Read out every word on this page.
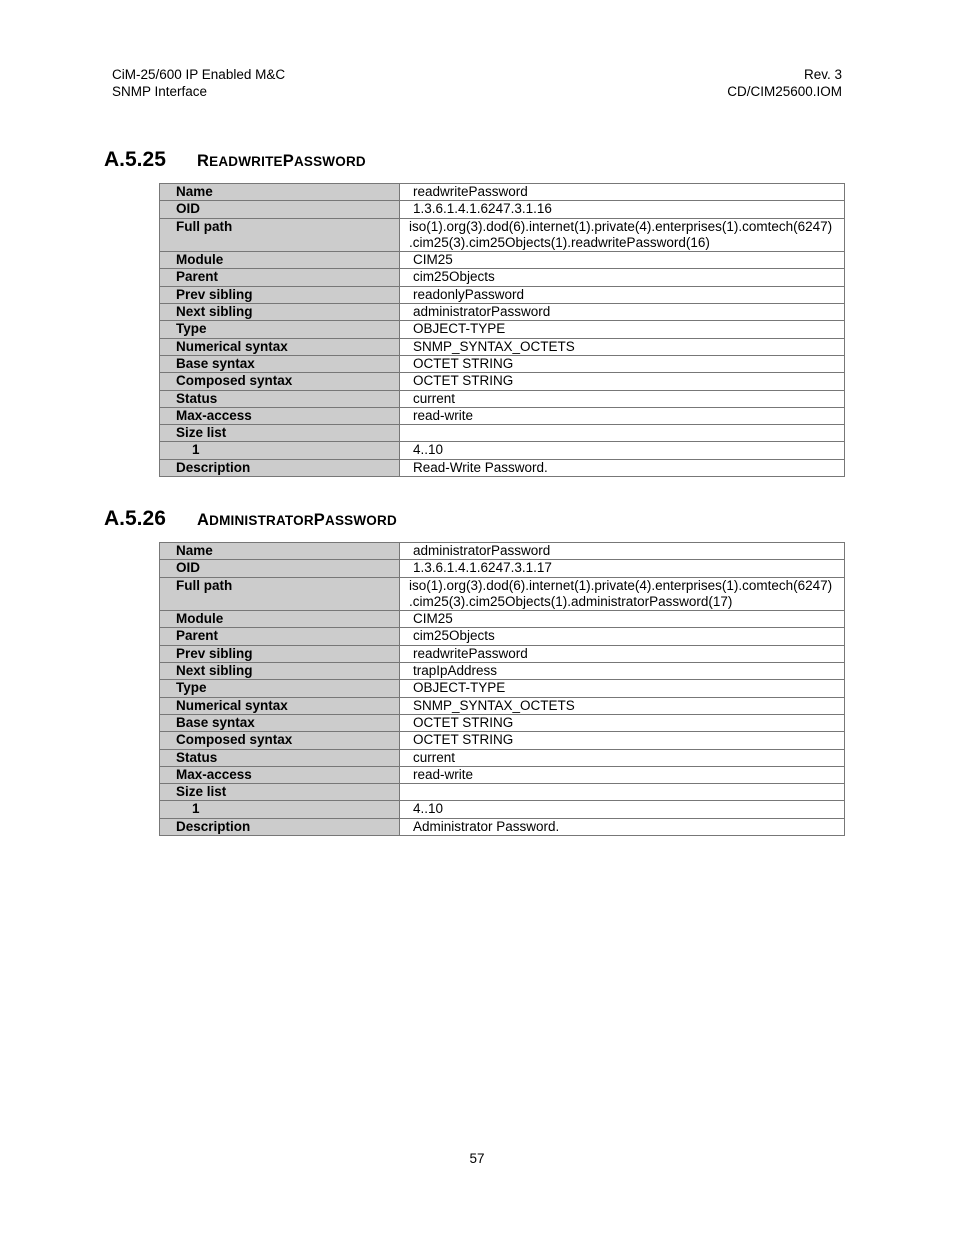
CiM-25/600 IP Enabled M&C
SNMP Interface
Rev. 3
CD/CIM25600.IOM
A.5.25	READWRITEPASSWORD
Name	readwritePassword
OID	1.3.6.1.4.1.6247.3.1.16
Full path	iso(1).org(3).dod(6).internet(1).private(4).enterprises(1).comtech(6247)
.cim25(3).cim25Objects(1).readwritePassword(16)

Module	CIM25
Parent	cim25Objects
Prev sibling	readonlyPassword
Next sibling	administratorPassword
Type	OBJECT-TYPE
Numerical syntax	SNMP_SYNTAX_OCTETS
Base syntax	OCTET STRING
Composed syntax	OCTET STRING
Status	current
Max-access	read-write
Size list	
1	4..10
Description	Read-Write Password.
A.5.26	ADMINISTRATORPASSWORD
Name	administratorPassword
OID	1.3.6.1.4.1.6247.3.1.17
Full path	iso(1).org(3).dod(6).internet(1).private(4).enterprises(1).comtech(6247)
.cim25(3).cim25Objects(1).administratorPassword(17)

Module	CIM25
Parent	cim25Objects
Prev sibling	readwritePassword
Next sibling	trapIpAddress
Type	OBJECT-TYPE
Numerical syntax	SNMP_SYNTAX_OCTETS
Base syntax	OCTET STRING
Composed syntax	OCTET STRING
Status	current
Max-access	read-write
Size list	
1	4..10
Description	Administrator Password.
57
